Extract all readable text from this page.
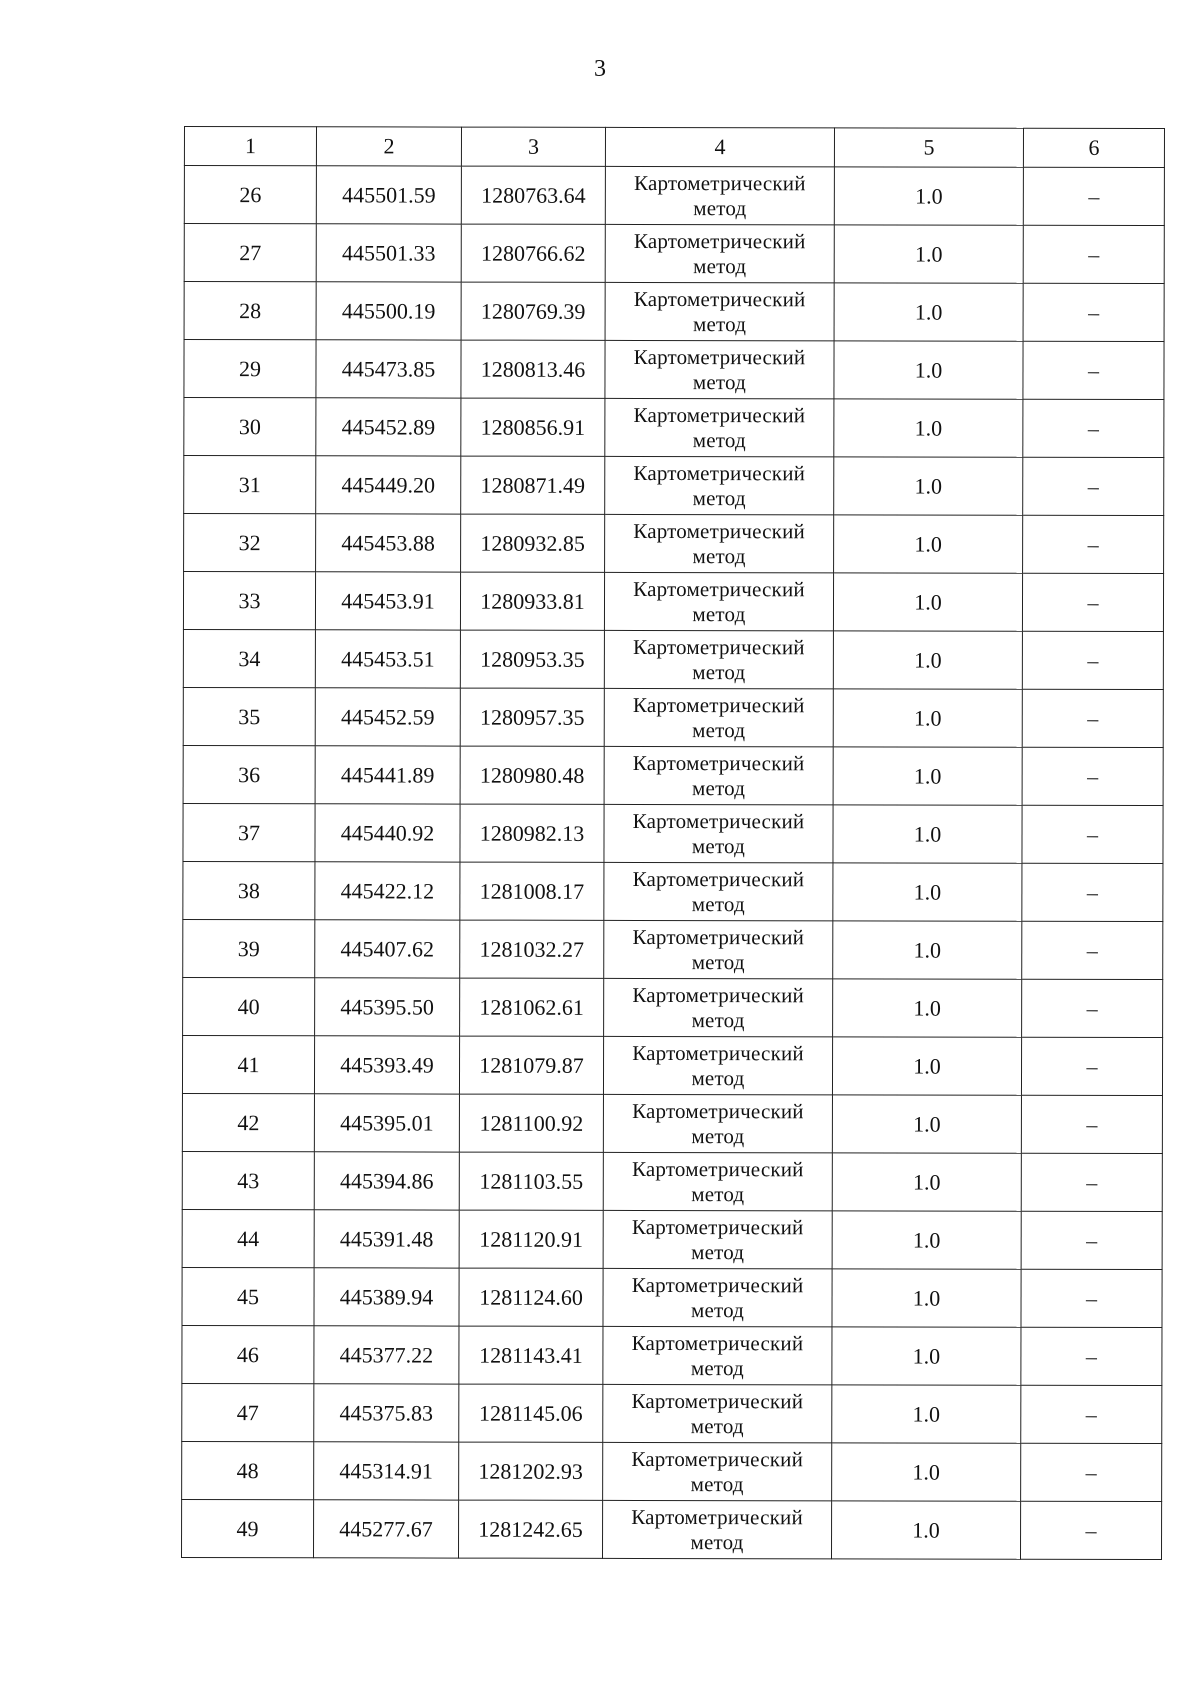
3
1	2	3	4	5	6
26	445501.59	1280763.64	Картометрический
метод	1.0	–
27	445501.33	1280766.62	Картометрический
метод	1.0	–
28	445500.19	1280769.39	Картометрический
метод	1.0	–
29	445473.85	1280813.46	Картометрический
метод	1.0	–
30	445452.89	1280856.91	Картометрический
метод	1.0	–
31	445449.20	1280871.49	Картометрический
метод	1.0	–
32	445453.88	1280932.85	Картометрический
метод	1.0	–
33	445453.91	1280933.81	Картометрический
метод	1.0	–
34	445453.51	1280953.35	Картометрический
метод	1.0	–
35	445452.59	1280957.35	Картометрический
метод	1.0	–
36	445441.89	1280980.48	Картометрический
метод	1.0	–
37	445440.92	1280982.13	Картометрический
метод	1.0	–
38	445422.12	1281008.17	Картометрический
метод	1.0	–
39	445407.62	1281032.27	Картометрический
метод	1.0	–
40	445395.50	1281062.61	Картометрический
метод	1.0	–
41	445393.49	1281079.87	Картометрический
метод	1.0	–
42	445395.01	1281100.92	Картометрический
метод	1.0	–
43	445394.86	1281103.55	Картометрический
метод	1.0	–
44	445391.48	1281120.91	Картометрический
метод	1.0	–
45	445389.94	1281124.60	Картометрический
метод	1.0	–
46	445377.22	1281143.41	Картометрический
метод	1.0	–
47	445375.83	1281145.06	Картометрический
метод	1.0	–
48	445314.91	1281202.93	Картометрический
метод	1.0	–
49	445277.67	1281242.65	Картометрический
метод	1.0	–
